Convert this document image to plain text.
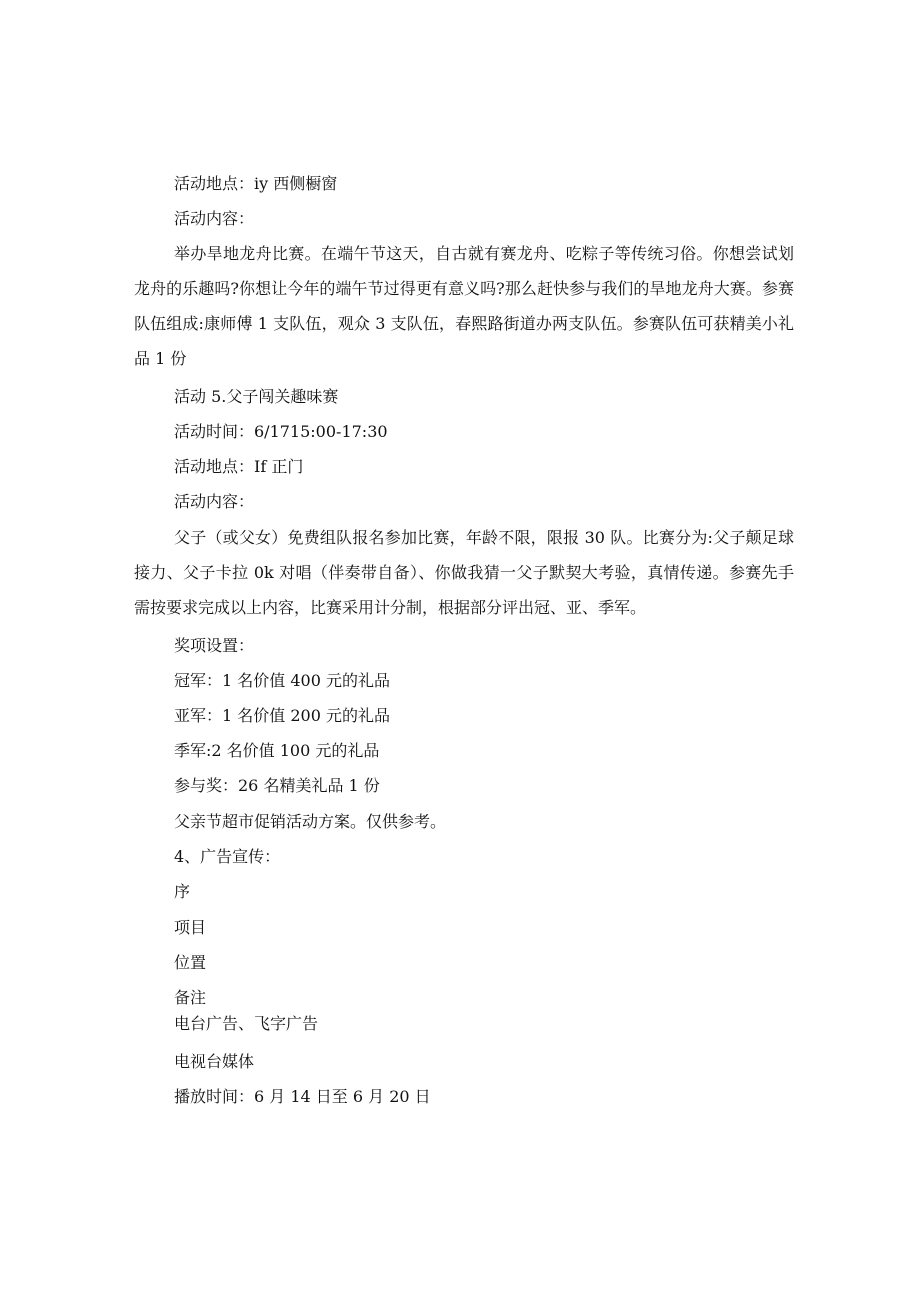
活动地点：iy 西侧橱窗
活动内容：
举办旱地龙舟比赛。在端午节这天，自古就有赛龙舟、吃粽子等传统习俗。你想尝试划龙舟的乐趣吗?你想让今年的端午节过得更有意义吗?那么赶快参与我们的旱地龙舟大赛。参赛队伍组成:康师傅 1 支队伍，观众 3 支队伍，春熙路街道办两支队伍。参赛队伍可获精美小礼品 1 份
活动 5.父子闯关趣味赛
活动时间：6/1715:00-17:30
活动地点：If 正门
活动内容：
父子（或父女）免费组队报名参加比赛，年龄不限，限报 30 队。比赛分为:父子颠足球接力、父子卡拉 0k 对唱（伴奏带自备）、你做我猜一父子默契大考验，真情传递。参赛先手需按要求完成以上内容，比赛采用计分制，根据部分评出冠、亚、季军。
奖项设置：
冠军：1 名价值 400 元的礼品
亚军：1 名价值 200 元的礼品
季军:2 名价值 100 元的礼品
参与奖：26 名精美礼品 1 份
父亲节超市促销活动方案。仅供参考。
4、广告宣传：
序
项目
位置
备注
电台广告、飞字广告
电视台媒体
播放时间：6 月 14 日至 6 月 20 日
